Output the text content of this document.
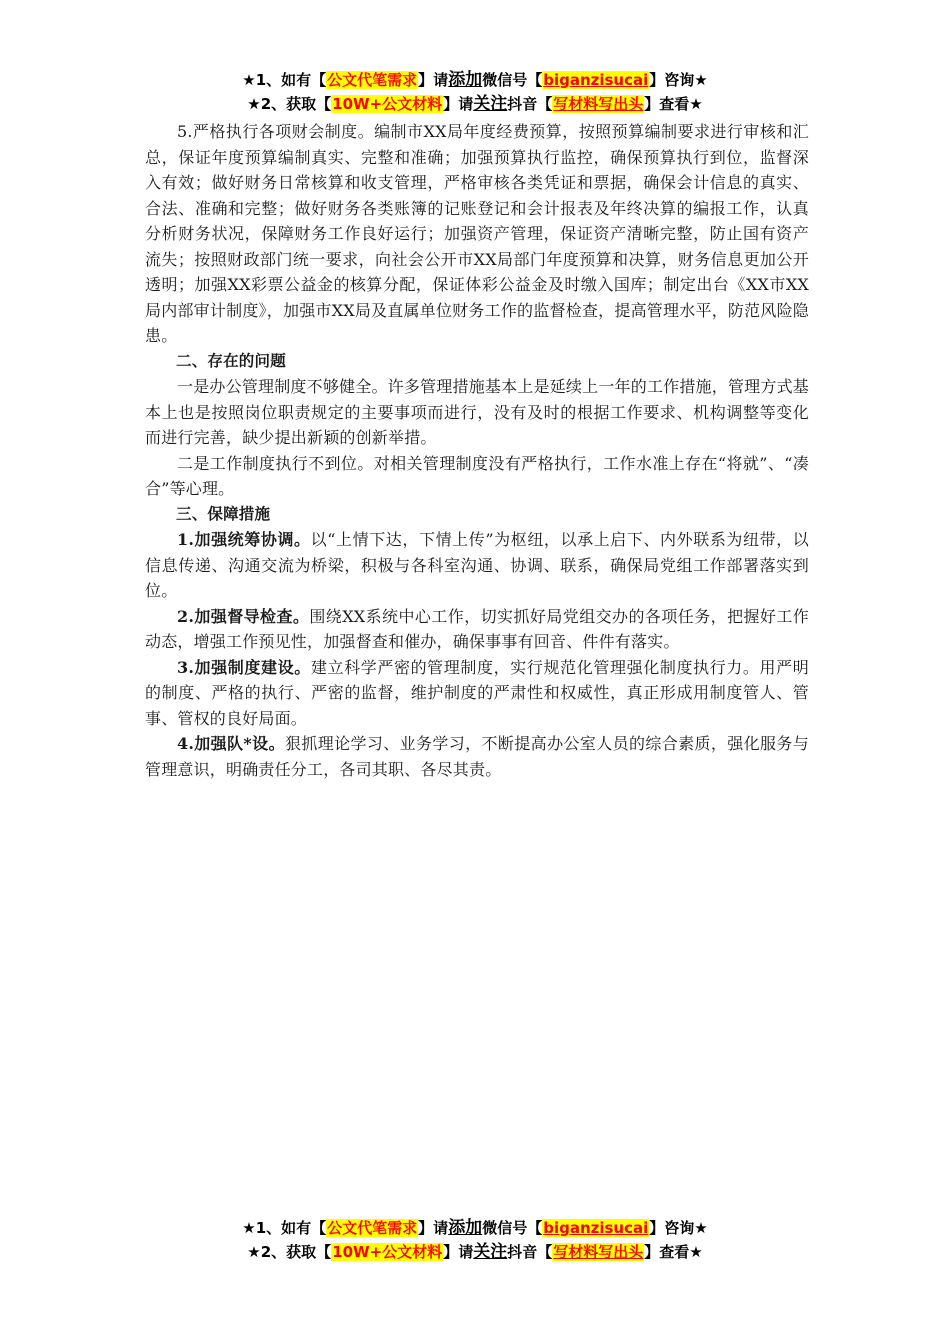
★1、如有【公文代笔需求】请添加微信号【biganzisucai】咨询★
★2、获取【10W+公文材料】请关注抖音【写材料写出头】查看★

5.严格执行各项财会制度。编制市XX局年度经费预算，按照预算编制要求进行审核和汇总，保证年度预算编制真实、完整和准确；加强预算执行监控，确保预算执行到位，监督深入有效；做好财务日常核算和收支管理，严格审核各类凭证和票据，确保会计信息的真实、合法、准确和完整；做好财务各类账簿的记账登记和会计报表及年终决算的编报工作，认真分析财务状况，保障财务工作良好运行；加强资产管理，保证资产清晰完整，防止国有资产流失；按照财政部门统一要求，向社会公开市XX局部门年度预算和决算，财务信息更加公开透明；加强XX彩票公益金的核算分配，保证体彩公益金及时缴入国库；制定出台《XX市XX局内部审计制度》，加强市XX局及直属单位财务工作的监督检查，提高管理水平，防范风险隐患。

二、存在的问题

一是办公管理制度不够健全。许多管理措施基本上是延续上一年的工作措施，管理方式基本上也是按照岗位职责规定的主要事项而进行，没有及时的根据工作要求、机构调整等变化而进行完善，缺少提出新颖的创新举措。

二是工作制度执行不到位。对相关管理制度没有严格执行，工作水准上存在“将就”、“凑合”等心理。

三、保障措施

1.加强统筹协调。以“上情下达，下情上传”为枢纽，以承上启下、内外联系为纽带，以信息传递、沟通交流为桥梁，积极与各科室沟通、协调、联系，确保局党组工作部署落实到位。

2.加强督导检查。围绕XX系统中心工作，切实抓好局党组交办的各项任务，把握好工作动态，增强工作预见性，加强督查和催办，确保事事有回音、件件有落实。

3.加强制度建设。建立科学严密的管理制度，实行规范化管理强化制度执行力。用严明的制度、严格的执行、严密的监督，维护制度的严肃性和权威性，真正形成用制度管人、管事、管权的良好局面。

4.加强队*设。狠抓理论学习、业务学习，不断提高办公室人员的综合素质，强化服务与管理意识，明确责任分工，各司其职、各尽其责。

★1、如有【公文代笔需求】请添加微信号【biganzisucai】咨询★
★2、获取【10W+公文材料】请关注抖音【写材料写出头】查看★
